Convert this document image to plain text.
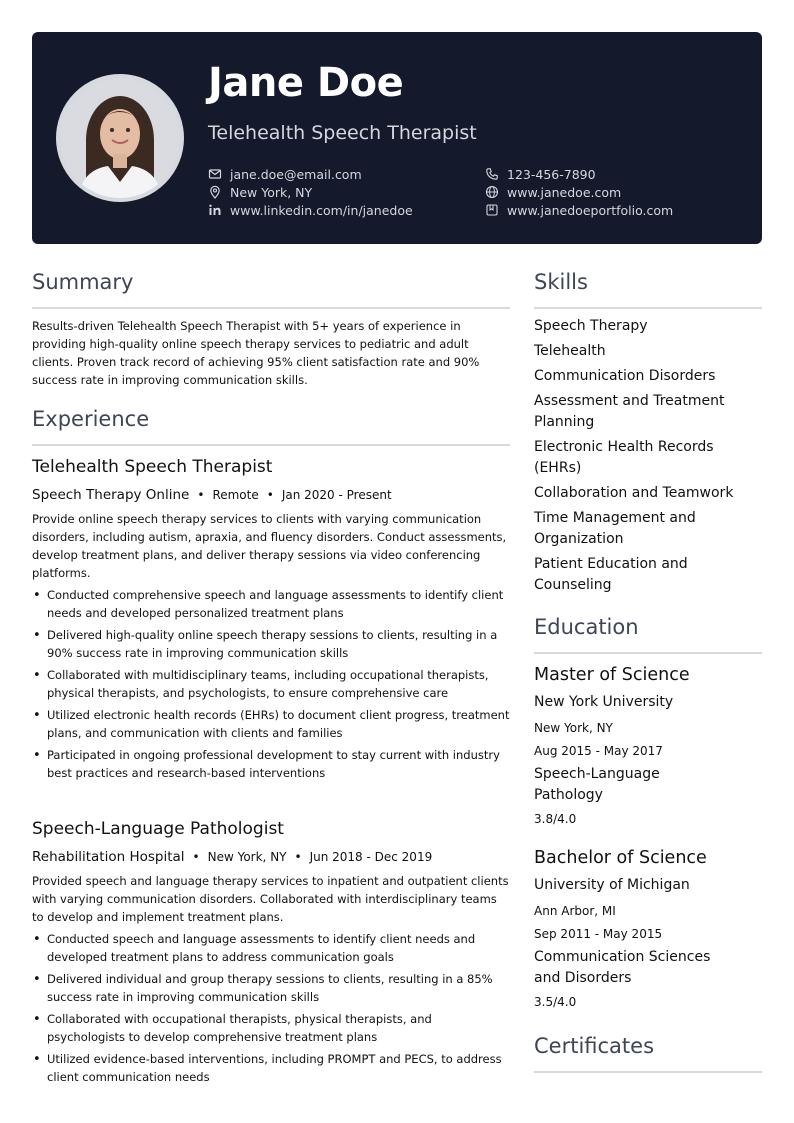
Jane Doe
Telehealth Speech Therapist
jane.doe@email.com
New York, NY
www.linkedin.com/in/janedoe
123-456-7890
www.janedoe.com
www.janedoeportfolio.com
Summary
Results-driven Telehealth Speech Therapist with 5+ years of experience in providing high-quality online speech therapy services to pediatric and adult clients. Proven track record of achieving 95% client satisfaction rate and 90% success rate in improving communication skills.
Experience
Telehealth Speech Therapist
Speech Therapy Online • Remote • Jan 2020 - Present
Provide online speech therapy services to clients with varying communication disorders, including autism, apraxia, and fluency disorders. Conduct assessments, develop treatment plans, and deliver therapy sessions via video conferencing platforms.
• Conducted comprehensive speech and language assessments to identify client needs and developed personalized treatment plans
• Delivered high-quality online speech therapy sessions to clients, resulting in a 90% success rate in improving communication skills
• Collaborated with multidisciplinary teams, including occupational therapists, physical therapists, and psychologists, to ensure comprehensive care
• Utilized electronic health records (EHRs) to document client progress, treatment plans, and communication with clients and families
• Participated in ongoing professional development to stay current with industry best practices and research-based interventions
Speech-Language Pathologist
Rehabilitation Hospital • New York, NY • Jun 2018 - Dec 2019
Provided speech and language therapy services to inpatient and outpatient clients with varying communication disorders. Collaborated with interdisciplinary teams to develop and implement treatment plans.
• Conducted speech and language assessments to identify client needs and developed treatment plans to address communication goals
• Delivered individual and group therapy sessions to clients, resulting in a 85% success rate in improving communication skills
• Collaborated with occupational therapists, physical therapists, and psychologists to develop comprehensive treatment plans
• Utilized evidence-based interventions, including PROMPT and PECS, to address client communication needs
Skills
Speech Therapy
Telehealth
Communication Disorders
Assessment and Treatment Planning
Electronic Health Records (EHRs)
Collaboration and Teamwork
Time Management and Organization
Patient Education and Counseling
Education
Master of Science
New York University
New York, NY
Aug 2015 - May 2017
Speech-Language Pathology
3.8/4.0
Bachelor of Science
University of Michigan
Ann Arbor, MI
Sep 2011 - May 2015
Communication Sciences and Disorders
3.5/4.0
Certificates
